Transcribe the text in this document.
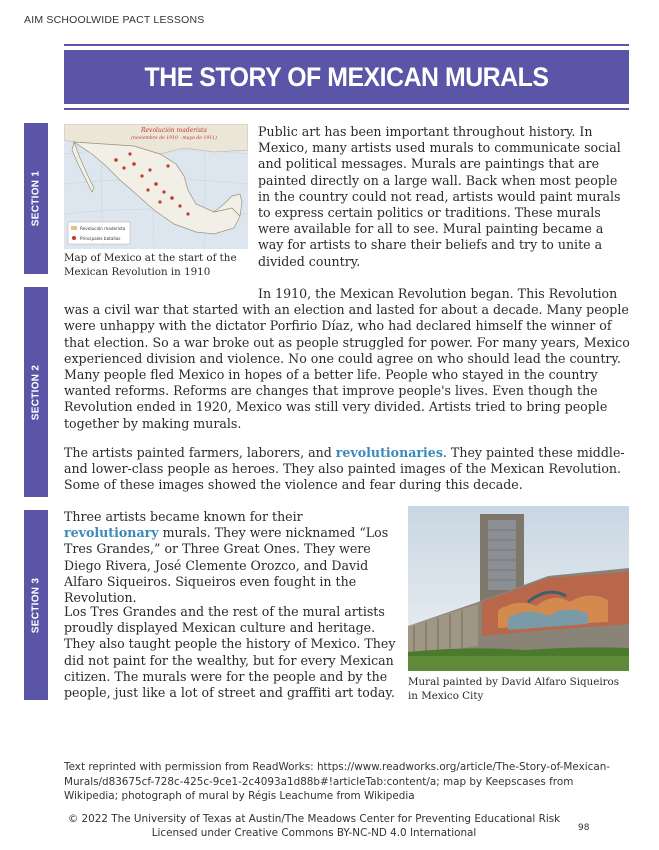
AIM SCHOOLWIDE PACT LESSONS
THE STORY OF MEXICAN MURALS
SECTION 1
SECTION 2
SECTION 3
Revolución maderista
Principales batallas
Revolución maderista
(noviembre de 1910 - mayo de 1911)
Map of Mexico at the start of the Mexican Revolution in 1910
Public art has been important throughout history. In Mexico, many artists used murals to communicate social and political messages. Murals are paintings that are painted directly on a large wall. Back when most people in the country could not read, artists would paint murals to express certain politics or traditions. These murals were available for all to see. Mural painting became a way for artists to share their beliefs and try to unite a divided country.
In 1910, the Mexican Revolution began. This Revolution was a civil war that started with an election and lasted for about a decade. Many people were unhappy with the dictator Porfirio Díaz, who had declared himself the winner of that election. So a war broke out as people struggled for power. For many years, Mexico experienced division and violence. No one could agree on who should lead the country. Many people fled Mexico in hopes of a better life. People who stayed in the country wanted reforms. Reforms are changes that improve people's lives. Even though the Revolution ended in 1920, Mexico was still very divided. Artists tried to bring people together by making murals.
The artists painted farmers, laborers, and revolutionaries. They painted these middle- and lower-class people as heroes. They also painted images of the Mexican Revolution. Some of these images showed the violence and fear during this decade.
Three artists became known for their revolutionary murals. They were nicknamed “Los Tres Grandes,” or Three Great Ones. They were Diego Rivera, José Clemente Orozco, and David Alfaro Siqueiros. Siqueiros even fought in the Revolution.
Los Tres Grandes and the rest of the mural artists proudly displayed Mexican culture and heritage. They also taught people the history of Mexico. They did not paint for the wealthy, but for every Mexican citizen. The murals were for the people and by the people, just like a lot of street and graffiti art today.
Mural painted by David Alfaro Siqueiros in Mexico City
Text reprinted with permission from ReadWorks: https://www.readworks.org/article/The-Story-of-Mexican-Murals/d83675cf-728c-425c-9ce1-2c4093a1d88b#!articleTab:content/a; map by Keepscases from Wikipedia; photograph of mural by Régis Leachume from Wikipedia
© 2022 The University of Texas at Austin/The Meadows Center for Preventing Educational Risk
Licensed under Creative Commons BY-NC-ND 4.0 International	98
